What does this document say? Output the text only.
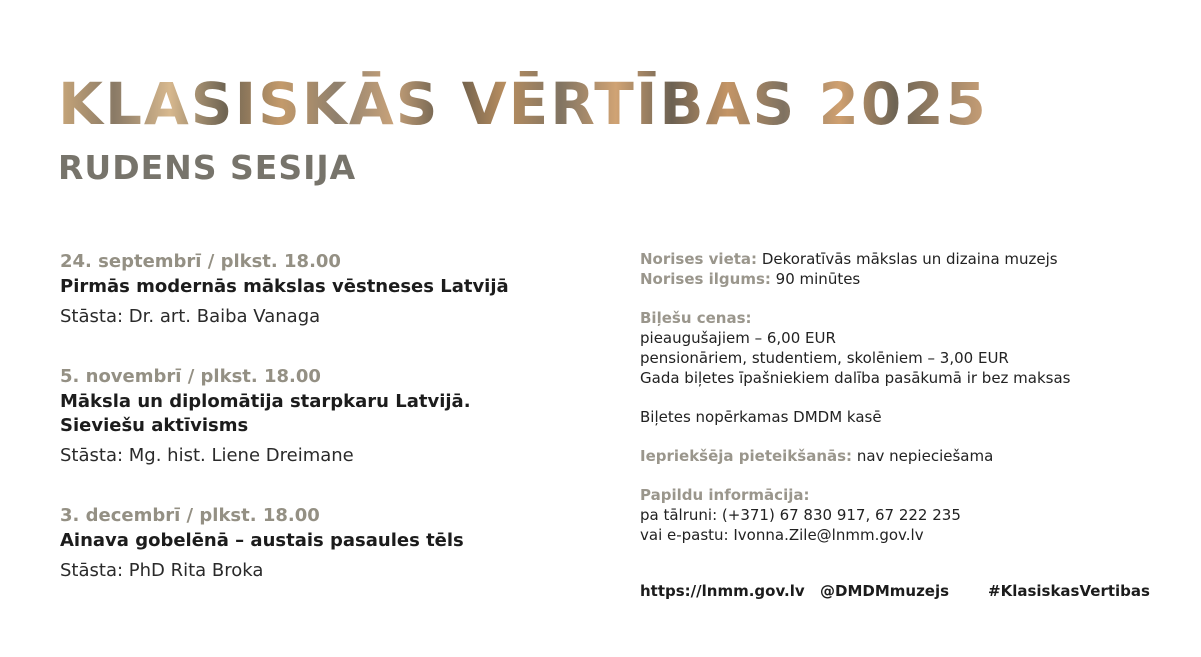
KLASISKĀS VĒRTĪBAS 2025
RUDENS SESIJA
24. septembrī / plkst. 18.00
Pirmās modernās mākslas vēstneses Latvijā
Stāsta: Dr. art. Baiba Vanaga
5. novembrī / plkst. 18.00
Māksla un diplomātija starpkaru Latvijā.
Sieviešu aktīvisms
Stāsta: Mg. hist. Liene Dreimane
3. decembrī / plkst. 18.00
Ainava gobelēnā – austais pasaules tēls
Stāsta: PhD Rita Broka
Norises vieta: Dekoratīvās mākslas un dizaina muzejs
Norises ilgums: 90 minūtes
Biļešu cenas:
pieaugušajiem – 6,00 EUR
pensionāriem, studentiem, skolēniem – 3,00 EUR
Gada biļetes īpašniekiem dalība pasākumā ir bez maksas
Biļetes nopērkamas DMDM kasē
Iepriekšēja pieteikšanās: nav nepieciešama
Papildu informācija:
pa tālruni: (+371) 67 830 917, 67 222 235
vai e-pastu: Ivonna.Zile@lnmm.gov.lv
https://lnmm.gov.lv @DMDMmuzejs	#KlasiskasVertibas
